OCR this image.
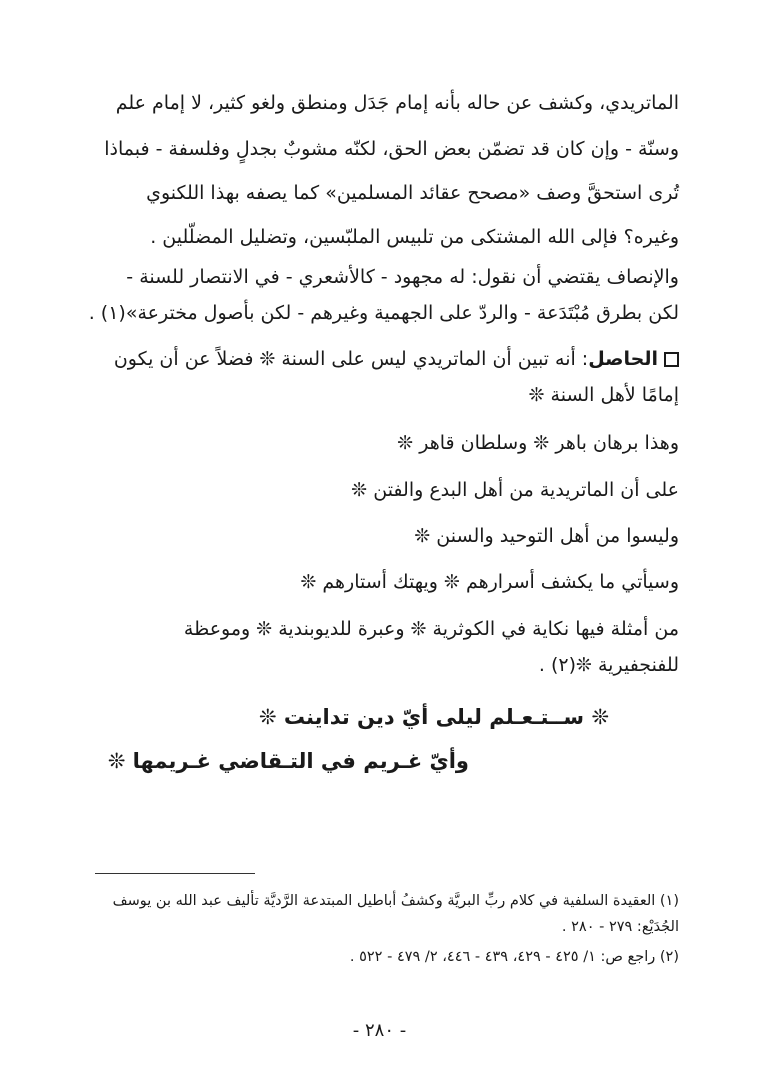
الماتريدي، وكشف عن حاله بأنه إمام جَدَل ومنطق ولغو كثير، لا إمام علم
وسنّة - وإن كان قد تضمّن بعض الحق، لكنّه مشوبٌ بجدلٍ وفلسفة - فبماذا
تُرى استحقَّ وصف «مصحح عقائد المسلمين» كما يصفه بهذا اللكنوي
وغيره؟ فإلى الله المشتكى من تلبيس الملبّسين، وتضليل المضلّلين .
والإنصاف يقتضي أن نقول: له مجهود - كالأشعري - في الانتصار للسنة -
لكن بطرق مُبْتَدَعة - والردّ على الجهمية وغيرهم - لكن بأصول مخترعة»(١) .
الحاصل: أنه تبين أن الماتريدي ليس على السنة ❊ فضلاً عن أن يكون
إمامًا لأهل السنة ❊
وهذا برهان باهر ❊ وسلطان قاهر ❊
على أن الماتريدية من أهل البدع والفتن ❊
وليسوا من أهل التوحيد والسنن ❊
وسيأتي ما يكشف أسرارهم ❊ ويهتك أستارهم ❊
من أمثلة فيها نكاية في الكوثرية ❊ وعبرة للديوبندية ❊ وموعظة
للفنجفيرية ❊(٢) .
❊ ســتـعـلم ليلى أيّ دين تداينت ❊
وأيّ غـريم في التـقاضي غـريمها ❊
(١) العقيدة السلفية في كلام ربِّ البريَّة وكشفُ أباطيل المبتدعة الرَّديَّة تأليف عبد الله بن يوسف
الجُدَيْع: ٢٧٩ - ٢٨٠ .
(٢) راجع ص: ١/ ٤٢٥ - ٤٢٩، ٤٣٩ - ٤٤٦، ٢/ ٤٧٩ - ٥٢٢ .
- ٢٨٠ -
